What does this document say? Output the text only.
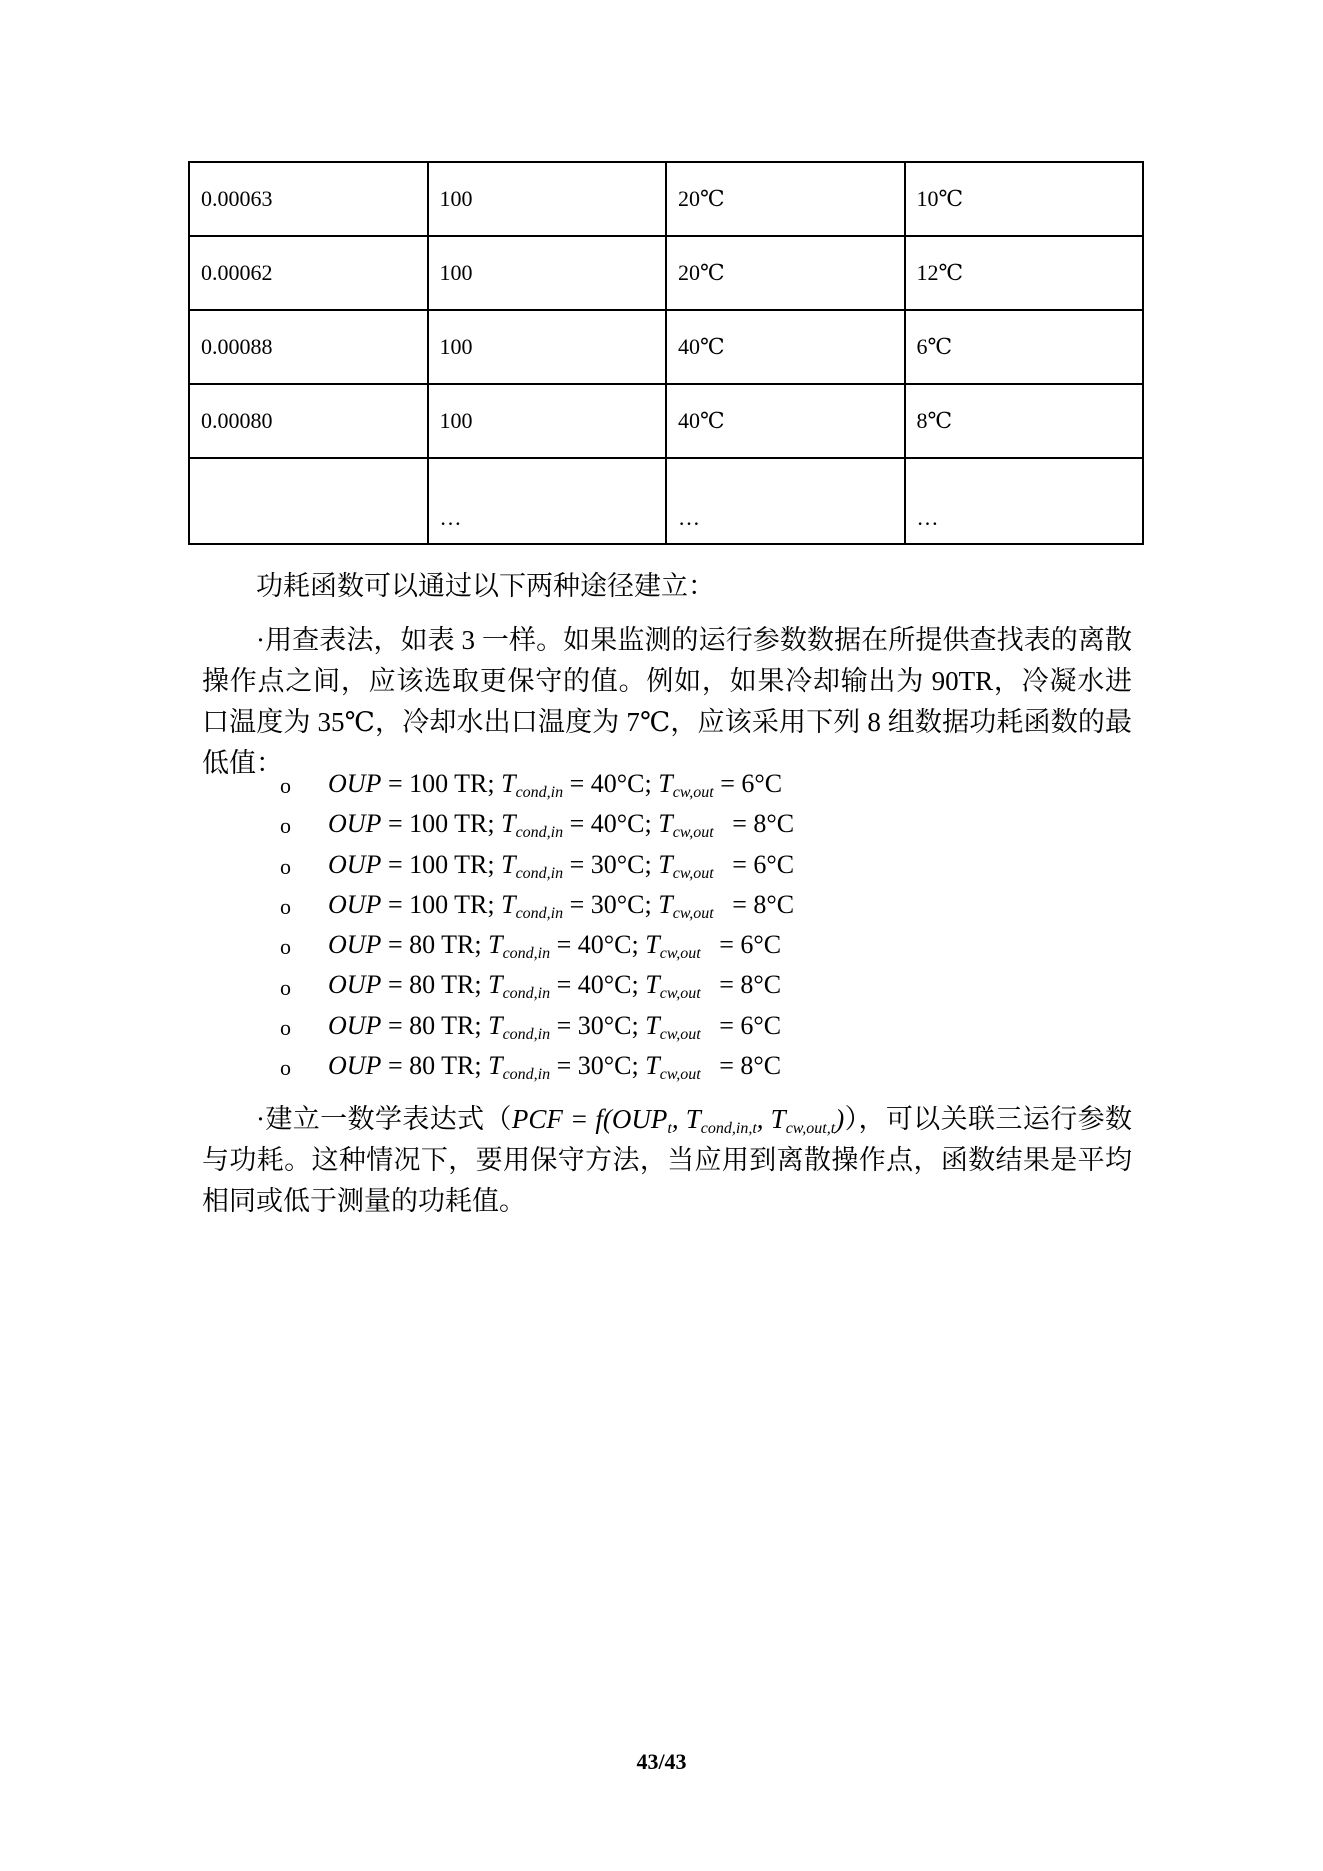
0.00063	100	20℃	10℃
0.00062	100	20℃	12℃
0.00088	100	40℃	6℃
0.00080	100	40℃	8℃
	…	…	…

功耗函数可以通过以下两种途径建立：

·用查表法，如表 3 一样。如果监测的运行参数数据在所提供查找表的离散操作点之间，应该选取更保守的值。例如，如果冷却输出为 90TR，冷凝水进口温度为 35℃，冷却水出口温度为 7℃，应该采用下列 8 组数据功耗函数的最低值：

o OUP = 100 TR; $T_{cond,in} = 40^\circ C$; $T_{cw,out} = 6^\circ C$
o OUP = 100 TR; $T_{cond,in} = 40^\circ C$; $T_{cw,out} = 8^\circ C$
o OUP = 100 TR; $T_{cond,in} = 30^\circ C$; $T_{cw,out} = 6^\circ C$
o OUP = 100 TR; $T_{cond,in} = 30^\circ C$; $T_{cw,out} = 8^\circ C$
o OUP = 80 TR; $T_{cond,in} = 40^\circ C$; $T_{cw,out} = 6^\circ C$
o OUP = 80 TR; $T_{cond,in} = 40^\circ C$; $T_{cw,out} = 8^\circ C$
o OUP = 80 TR; $T_{cond,in} = 30^\circ C$; $T_{cw,out} = 6^\circ C$
o OUP = 80 TR; $T_{cond,in} = 30^\circ C$; $T_{cw,out} = 8^\circ C$

·建立一数学表达式（$PCF = f(OUP_t$, $T_{cond,in,t}$, $T_{cw,out,t}$)），可以关联三运行参数与功耗。这种情况下，要用保守方法，当应用到离散操作点，函数结果是平均相同或低于测量的功耗值。

43/43
